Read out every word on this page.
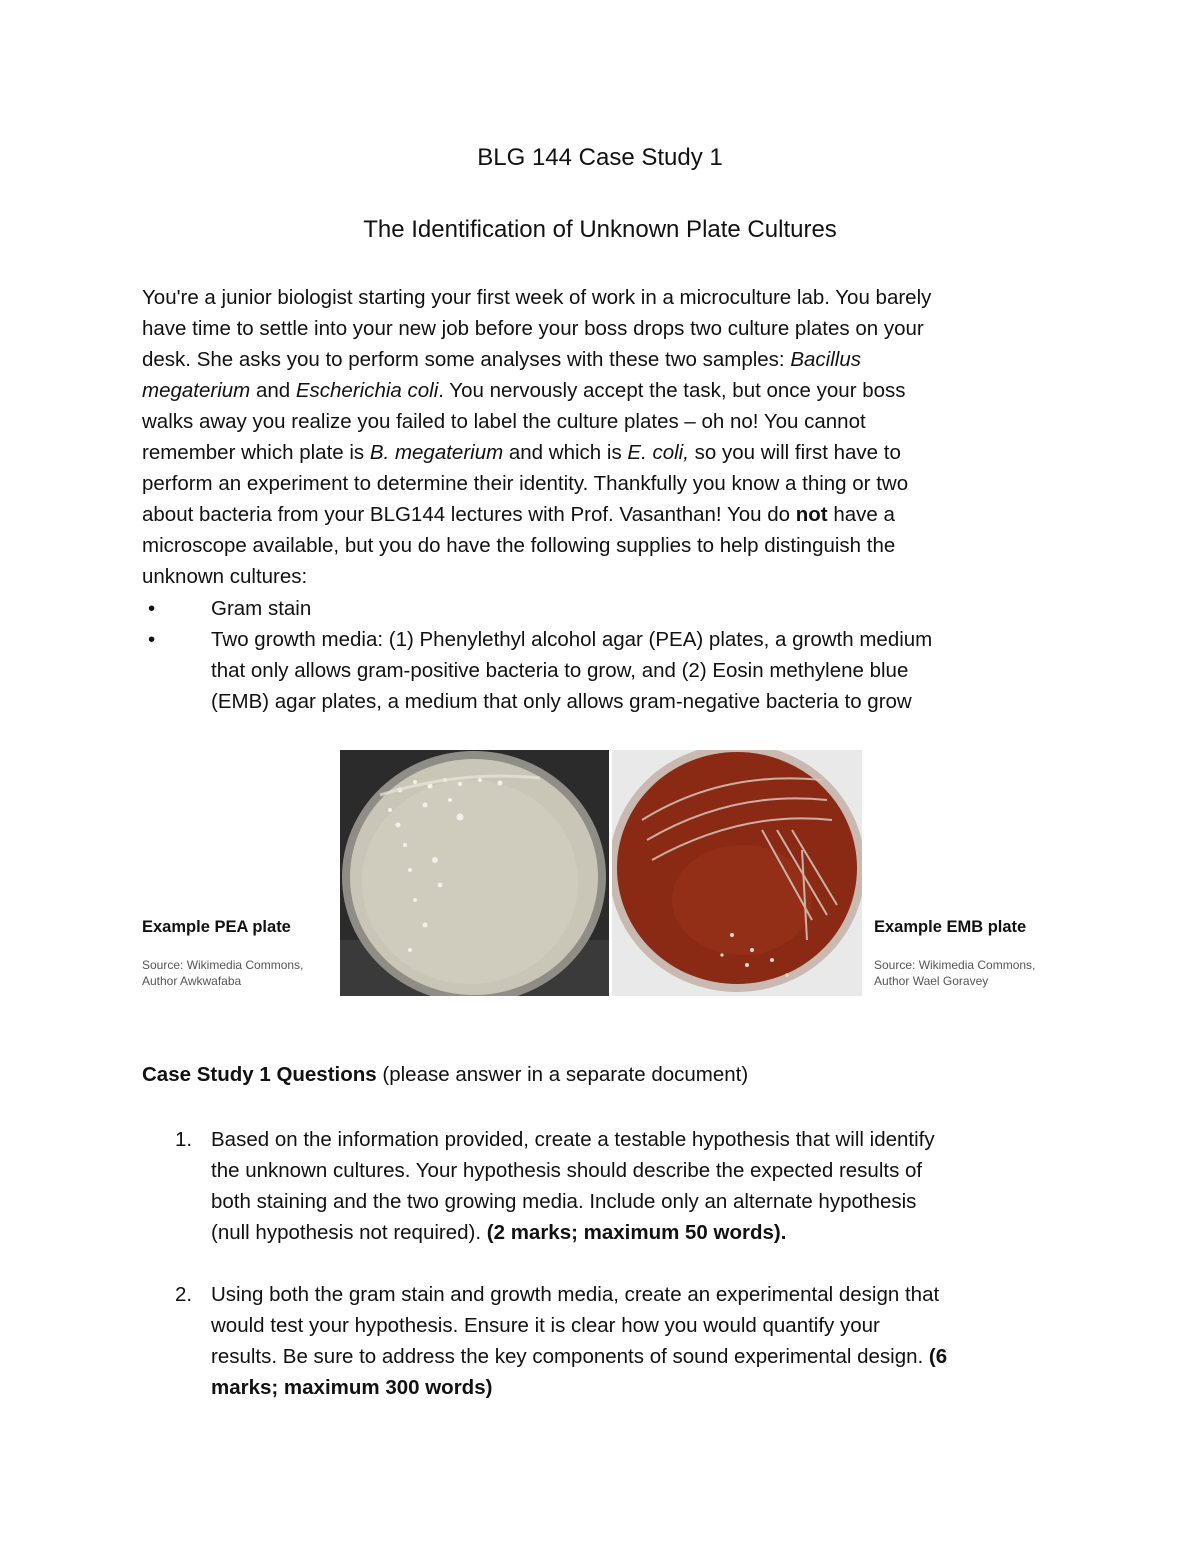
BLG 144 Case Study 1
The Identification of Unknown Plate Cultures
You're a junior biologist starting your first week of work in a microculture lab. You barely
have time to settle into your new job before your boss drops two culture plates on your
desk. She asks you to perform some analyses with these two samples: Bacillus
megaterium and Escherichia coli. You nervously accept the task, but once your boss
walks away you realize you failed to label the culture plates – oh no! You cannot
remember which plate is B. megaterium and which is E. coli, so you will first have to
perform an experiment to determine their identity. Thankfully you know a thing or two
about bacteria from your BLG144 lectures with Prof. Vasanthan! You do not have a
microscope available, but you do have the following supplies to help distinguish the
unknown cultures:
•	Gram stain
•	Two growth media: (1) Phenylethyl alcohol agar (PEA) plates, a growth medium
that only allows gram-positive bacteria to grow, and (2) Eosin methylene blue
(EMB) agar plates, a medium that only allows gram-negative bacteria to grow
Example PEA plate
Source: Wikimedia Commons,
Author Awkwafaba
Example EMB plate
Source: Wikimedia Commons,
Author Wael Goravey
Case Study 1 Questions (please answer in a separate document)
1. Based on the information provided, create a testable hypothesis that will identify
the unknown cultures. Your hypothesis should describe the expected results of
both staining and the two growing media. Include only an alternate hypothesis
(null hypothesis not required). (2 marks; maximum 50 words).
2. Using both the gram stain and growth media, create an experimental design that
would test your hypothesis. Ensure it is clear how you would quantify your
results. Be sure to address the key components of sound experimental design. (6
marks; maximum 300 words)
